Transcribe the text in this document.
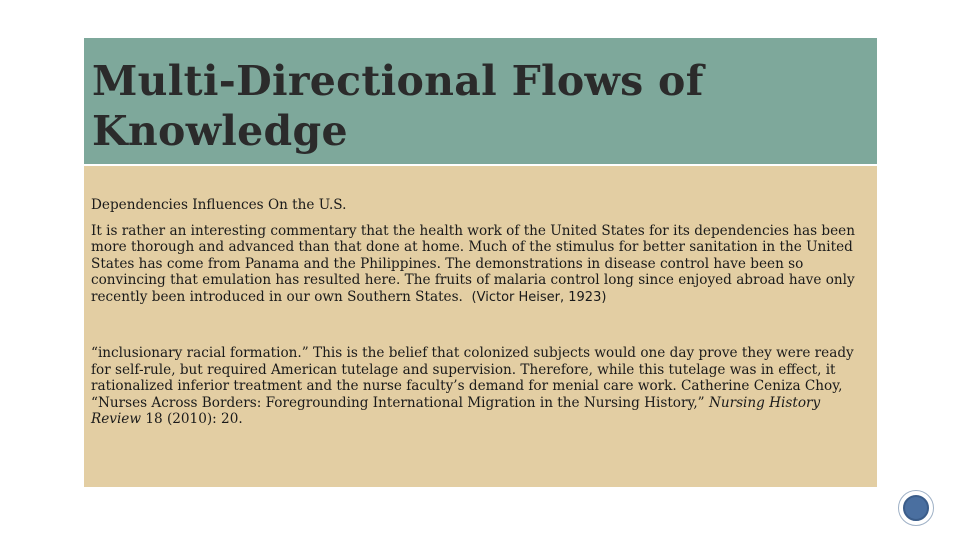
Multi-Directional Flows of Knowledge

Dependencies Influences On the U.S.

It is rather an interesting commentary that the health work of the United States for its dependencies has been more thorough and advanced than that done at home. Much of the stimulus for better sanitation in the United States has come from Panama and the Philippines. The demonstrations in disease control have been so convincing that emulation has resulted here. The fruits of malaria control long since enjoyed abroad have only recently been introduced in our own Southern States. (Victor Heiser, 1923)

“inclusionary racial formation.” This is the belief that colonized subjects would one day prove they were ready for self-rule, but required American tutelage and supervision. Therefore, while this tutelage was in effect, it rationalized inferior treatment and the nurse faculty’s demand for menial care work. Catherine Ceniza Choy, “Nurses Across Borders: Foregrounding International Migration in the Nursing History,” Nursing History Review 18 (2010): 20.
